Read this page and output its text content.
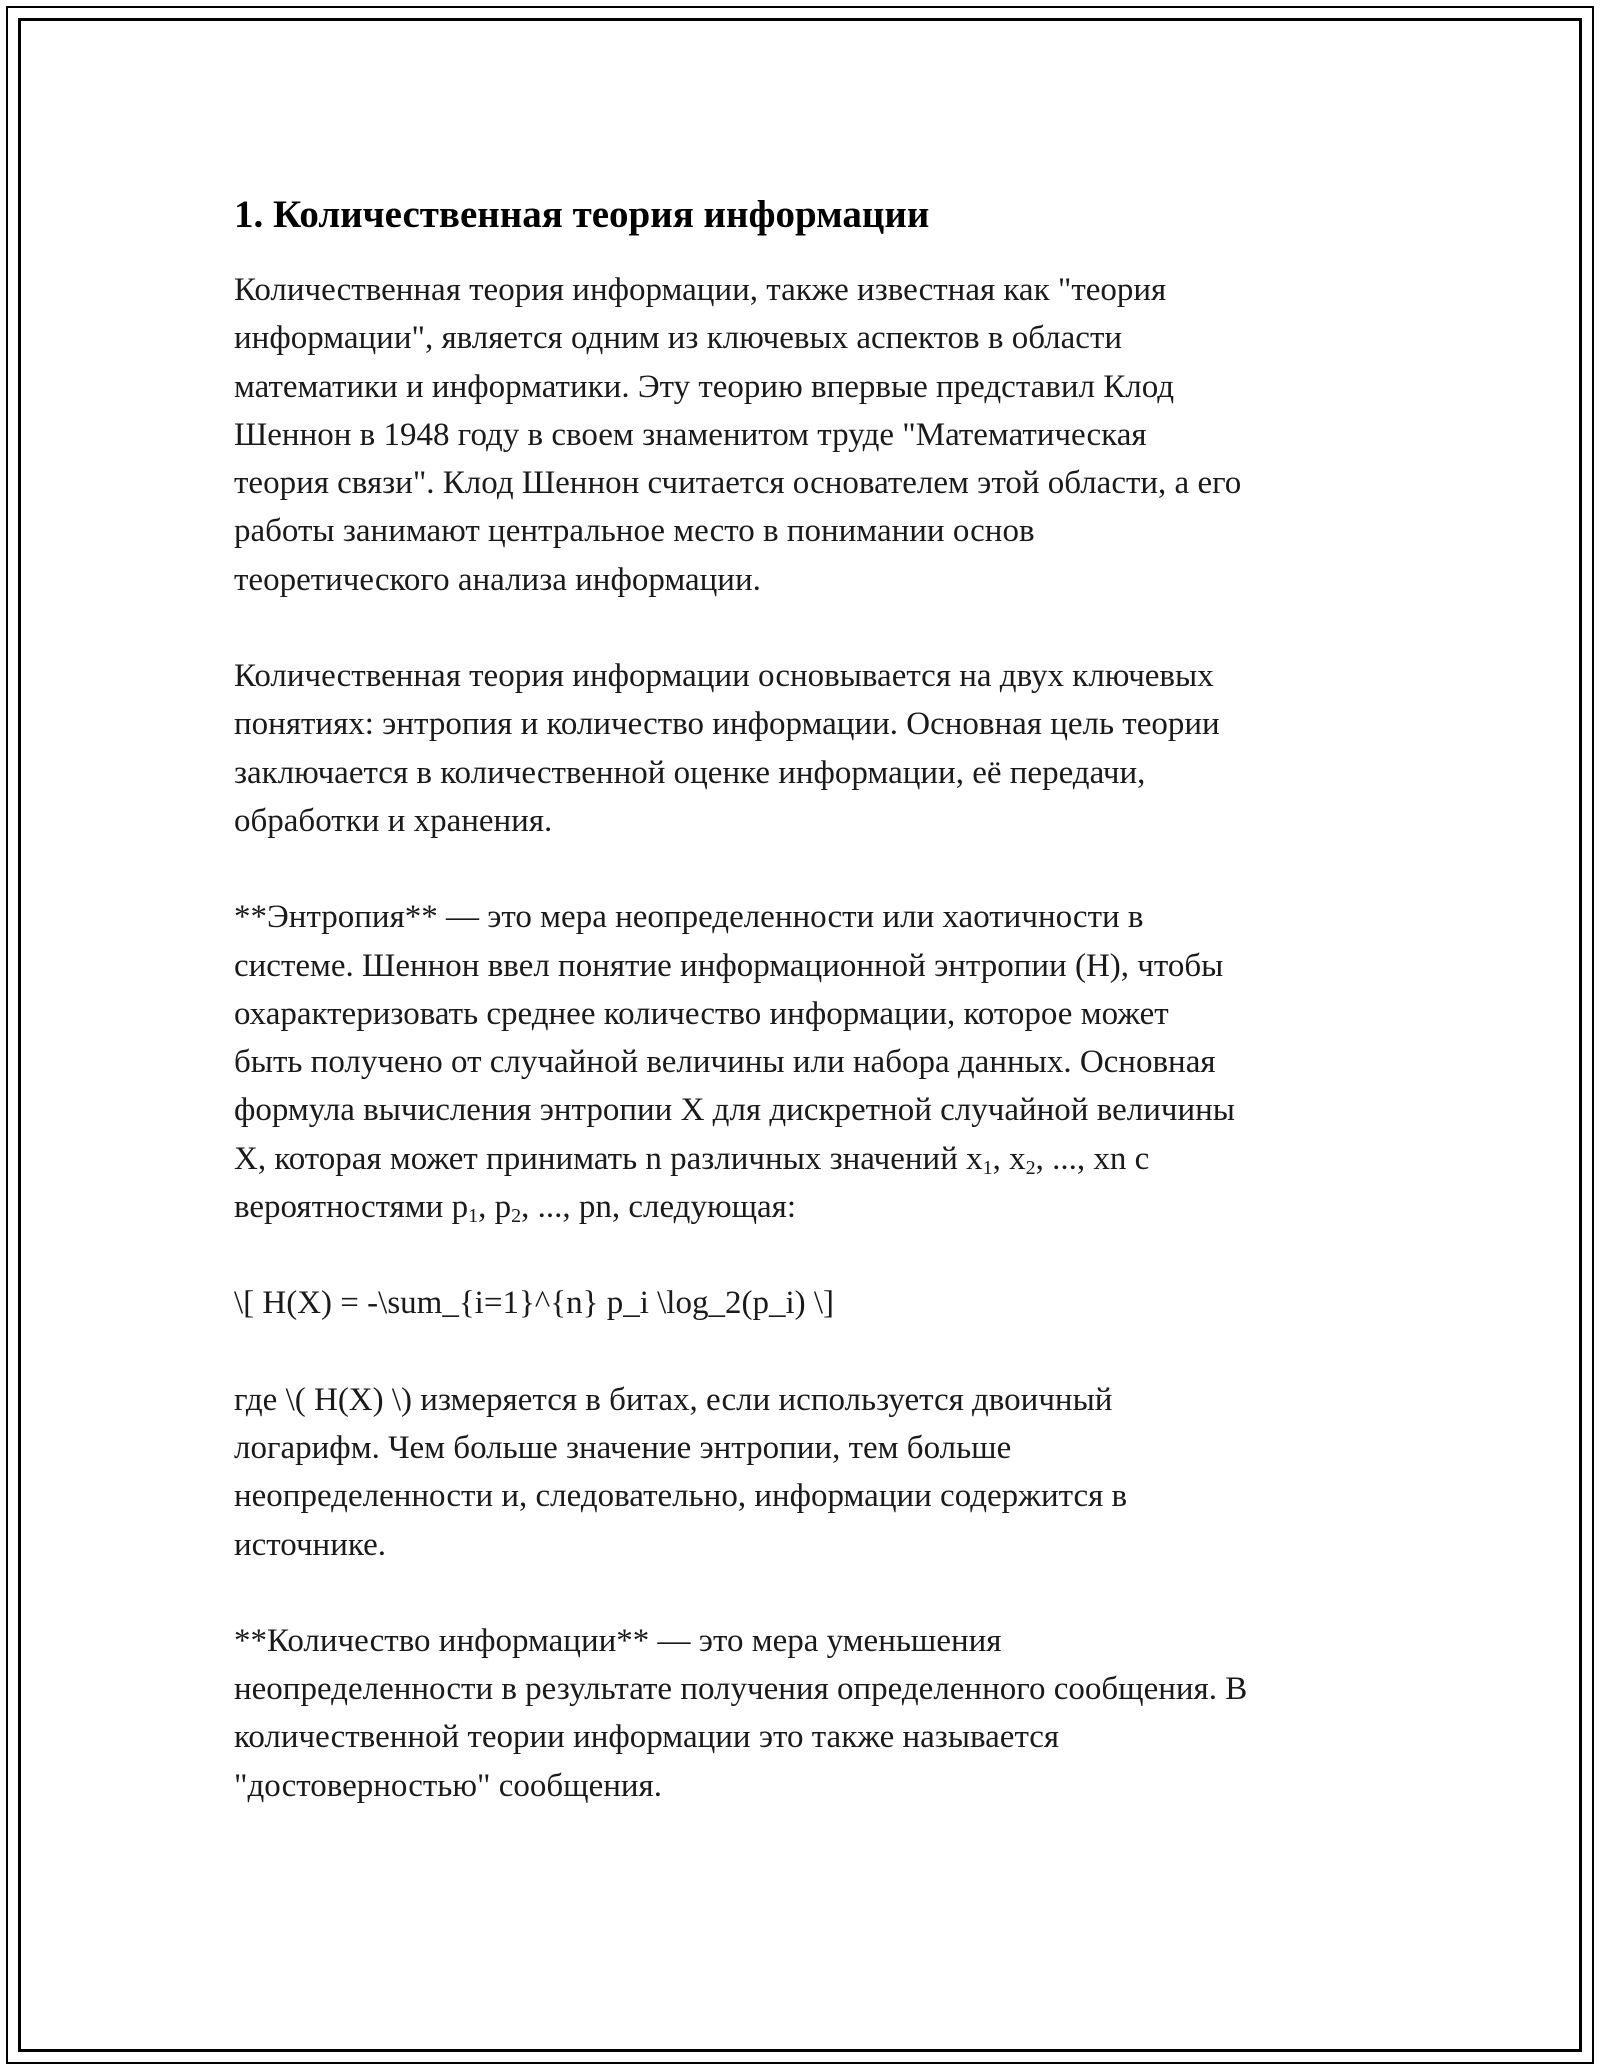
1. Количественная теория информации

Количественная теория информации, также известная как "теория
информации", является одним из ключевых аспектов в области
математики и информатики. Эту теорию впервые представил Клод
Шеннон в 1948 году в своем знаменитом труде "Математическая
теория связи". Клод Шеннон считается основателем этой области, а его
работы занимают центральное место в понимании основ
теоретического анализа информации.

Количественная теория информации основывается на двух ключевых
понятиях: энтропия и количество информации. Основная цель теории
заключается в количественной оценке информации, её передачи,
обработки и хранения.

**Энтропия** — это мера неопределенности или хаотичности в
системе. Шеннон ввел понятие информационной энтропии (H), чтобы
охарактеризовать среднее количество информации, которое может
быть получено от случайной величины или набора данных. Основная
формула вычисления энтропии X для дискретной случайной величины
X, которая может принимать n различных значений $x_1$, $x_2$, ..., xn с
вероятностями $p_1$, $p_2$, ..., pn, следующая:

\[ H(X) = -\sum_{i=1}^{n} p_i \log_2(p_i) \]

где \( H(X) \) измеряется в битах, если используется двоичный
логарифм. Чем больше значение энтропии, тем больше
неопределенности и, следовательно, информации содержится в
источнике.

**Количество информации** — это мера уменьшения
неопределенности в результате получения определенного сообщения. В
количественной теории информации это также называется
"достоверностью" сообщения.
